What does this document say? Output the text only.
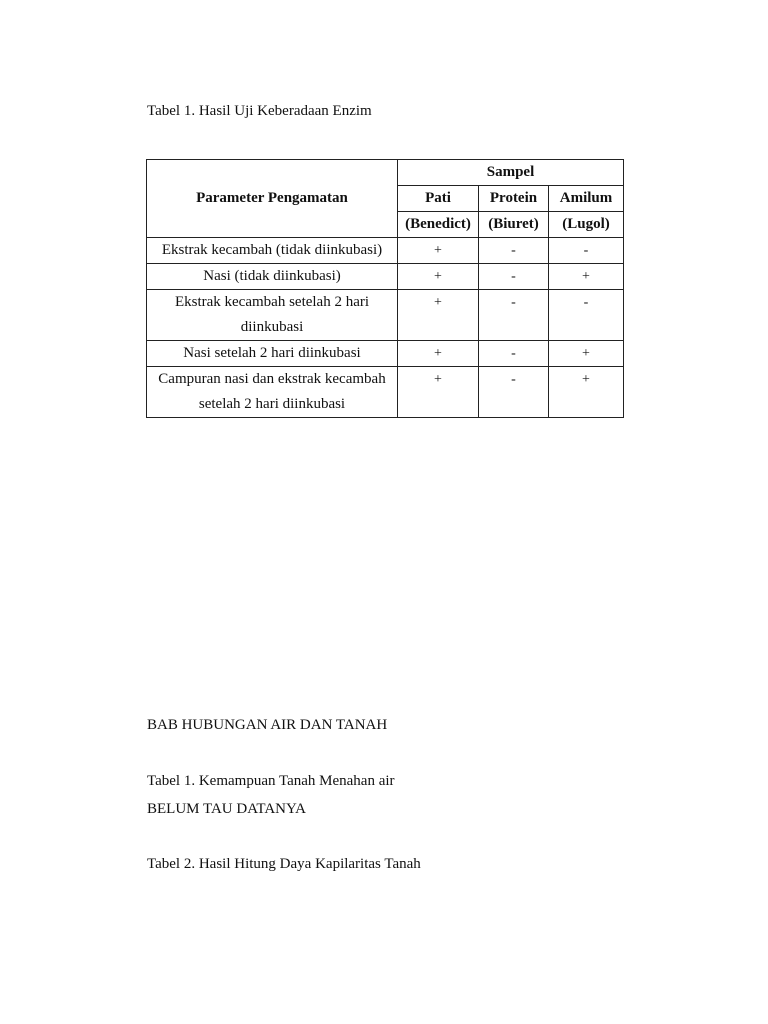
Tabel 1. Hasil Uji Keberadaan Enzim
Parameter Pengamatan	Sampel		
	Pati	Protein	Amilum
	(Benedict)	(Biuret)	(Lugol)
Ekstrak kecambah (tidak diinkubasi)	+	-	-
Nasi (tidak diinkubasi)	+	-	+
Ekstrak kecambah setelah 2 hari diinkubasi	+	-	-
Nasi setelah 2 hari diinkubasi	+	-	+
Campuran nasi dan ekstrak kecambah setelah 2 hari diinkubasi	+	-	+
BAB HUBUNGAN AIR DAN TANAH
Tabel 1. Kemampuan Tanah Menahan air
BELUM TAU DATANYA
Tabel 2. Hasil Hitung Daya Kapilaritas Tanah
